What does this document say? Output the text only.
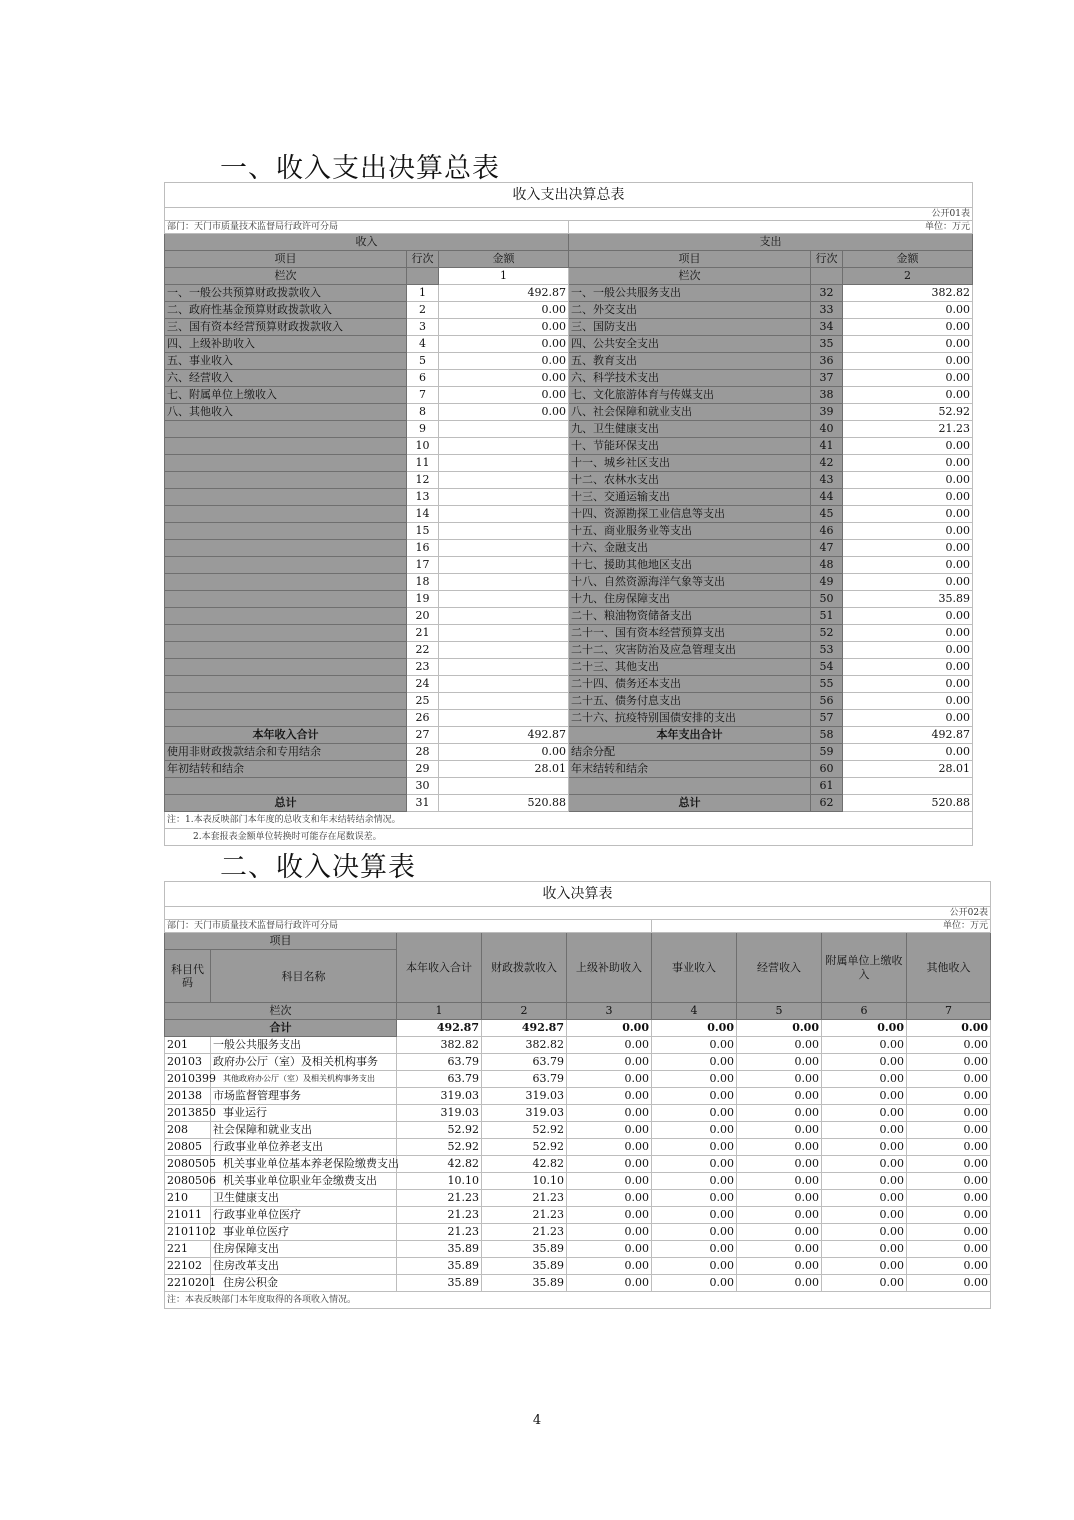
一、收入支出决算总表
收入支出决算总表					
公开01表					
部门：天门市质量技术监督局行政许可分局			单位：万元		
收入			支出		
项目	行次	金额	项目	行次	金额
栏次		1	栏次		2
一、一般公共预算财政拨款收入	1	492.87	一、一般公共服务支出	32	382.82
二、政府性基金预算财政拨款收入	2	0.00	二、外交支出	33	0.00
三、国有资本经营预算财政拨款收入	3	0.00	三、国防支出	34	0.00
四、上级补助收入	4	0.00	四、公共安全支出	35	0.00
五、事业收入	5	0.00	五、教育支出	36	0.00
六、经营收入	6	0.00	六、科学技术支出	37	0.00
七、附属单位上缴收入	7	0.00	七、文化旅游体育与传媒支出	38	0.00
八、其他收入	8	0.00	八、社会保障和就业支出	39	52.92
	9		九、卫生健康支出	40	21.23
	10		十、节能环保支出	41	0.00
	11		十一、城乡社区支出	42	0.00
	12		十二、农林水支出	43	0.00
	13		十三、交通运输支出	44	0.00
	14		十四、资源勘探工业信息等支出	45	0.00
	15		十五、商业服务业等支出	46	0.00
	16		十六、金融支出	47	0.00
	17		十七、援助其他地区支出	48	0.00
	18		十八、自然资源海洋气象等支出	49	0.00
	19		十九、住房保障支出	50	35.89
	20		二十、粮油物资储备支出	51	0.00
	21		二十一、国有资本经营预算支出	52	0.00
	22		二十二、灾害防治及应急管理支出	53	0.00
	23		二十三、其他支出	54	0.00
	24		二十四、债务还本支出	55	0.00
	25		二十五、债务付息支出	56	0.00
	26		二十六、抗疫特别国债安排的支出	57	0.00
本年收入合计	27	492.87	本年支出合计	58	492.87
使用非财政拨款结余和专用结余	28	0.00	结余分配	59	0.00
年初结转和结余	29	28.01	年末结转和结余	60	28.01
	30			61	
总计	31	520.88	总计	62	520.88
注：1.本表反映部门本年度的总收支和年末结转结余情况。					
2.本套报表金额单位转换时可能存在尾数误差。					
二、收入决算表
收入决算表								
公开02表								
部门：天门市质量技术监督局行政许可分局					单位：万元			
项目		本年收入合计	财政拨款收入	上级补助收入	事业收入	经营收入	附属单位上缴收入	其他收入
科目代码	科目名称							
栏次		1	2	3	4	5	6	7
合计		492.87	492.87	0.00	0.00	0.00	0.00	0.00
201	一般公共服务支出	382.82	382.82	0.00	0.00	0.00	0.00	0.00
20103	政府办公厅（室）及相关机构事务	63.79	63.79	0.00	0.00	0.00	0.00	0.00
2010399	其他政府办公厅（室）及相关机构事务支出	63.79	63.79	0.00	0.00	0.00	0.00	0.00
20138	市场监督管理事务	319.03	319.03	0.00	0.00	0.00	0.00	0.00
2013850	事业运行	319.03	319.03	0.00	0.00	0.00	0.00	0.00
208	社会保障和就业支出	52.92	52.92	0.00	0.00	0.00	0.00	0.00
20805	行政事业单位养老支出	52.92	52.92	0.00	0.00	0.00	0.00	0.00
2080505	机关事业单位基本养老保险缴费支出	42.82	42.82	0.00	0.00	0.00	0.00	0.00
2080506	机关事业单位职业年金缴费支出	10.10	10.10	0.00	0.00	0.00	0.00	0.00
210	卫生健康支出	21.23	21.23	0.00	0.00	0.00	0.00	0.00
21011	行政事业单位医疗	21.23	21.23	0.00	0.00	0.00	0.00	0.00
2101102	事业单位医疗	21.23	21.23	0.00	0.00	0.00	0.00	0.00
221	住房保障支出	35.89	35.89	0.00	0.00	0.00	0.00	0.00
22102	住房改革支出	35.89	35.89	0.00	0.00	0.00	0.00	0.00
2210201	住房公积金	35.89	35.89	0.00	0.00	0.00	0.00	0.00
注：本表反映部门本年度取得的各项收入情况。								
4
